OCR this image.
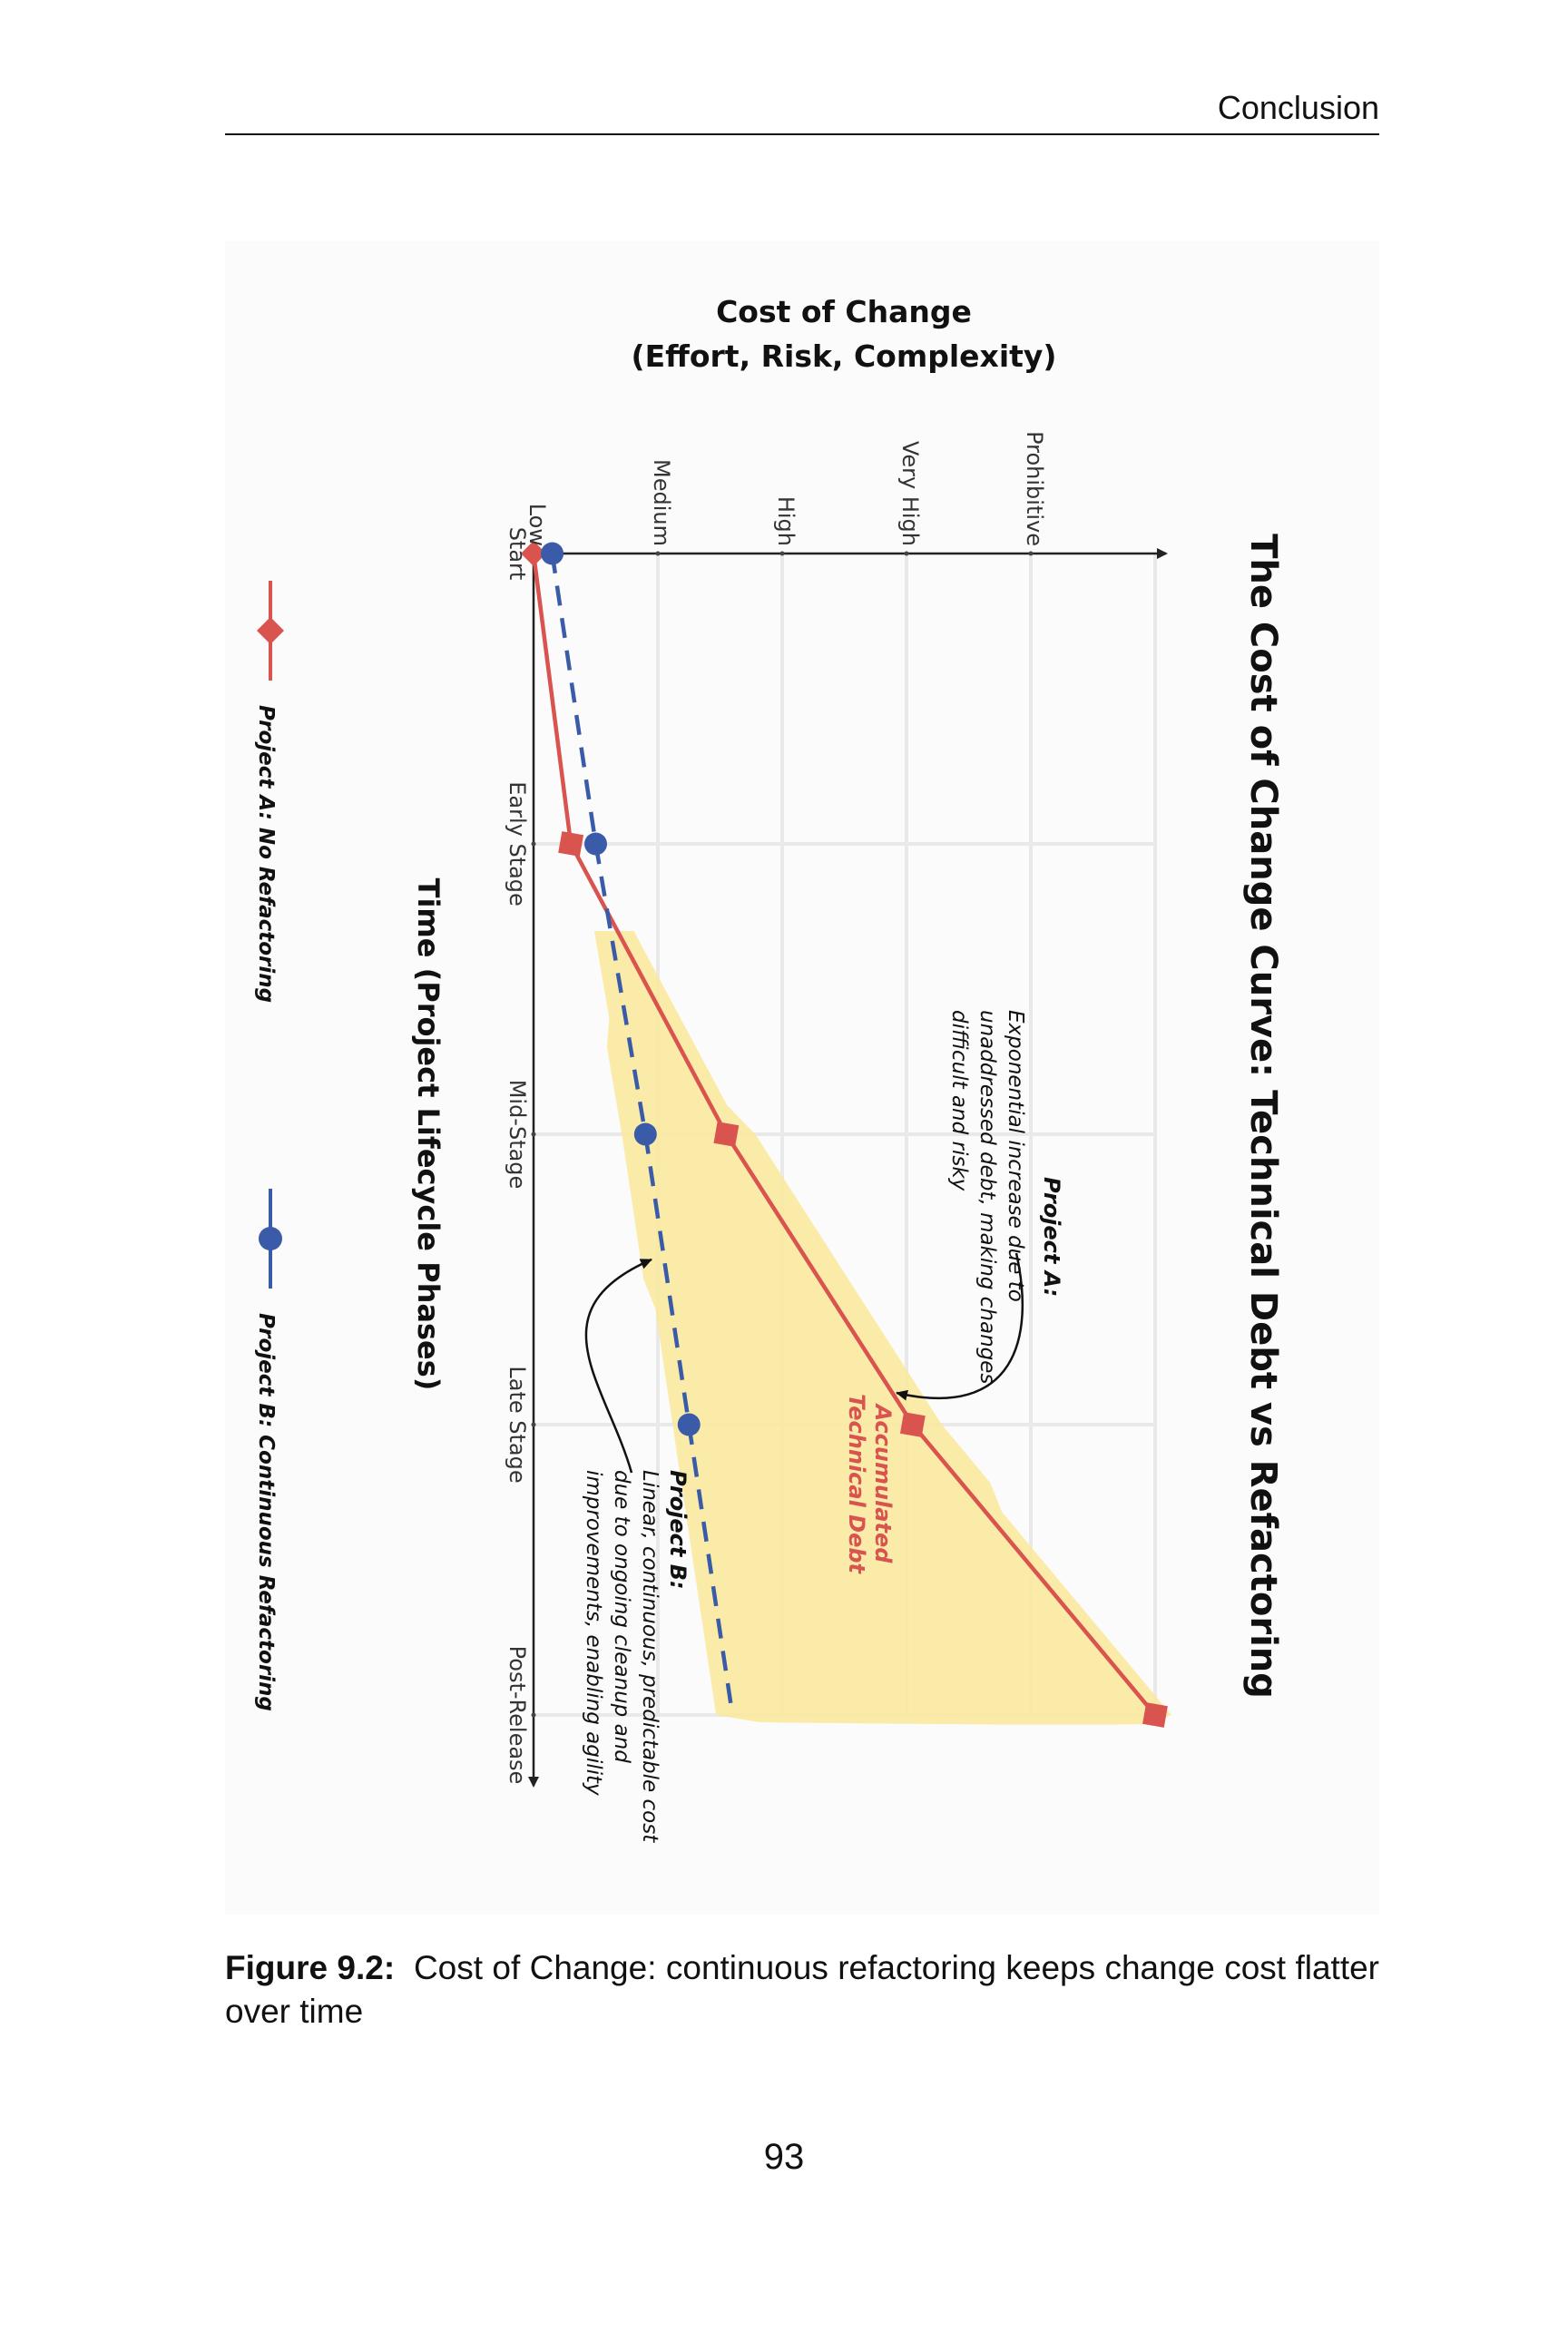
Conclusion
Low	Medium	High	Very High	Prohibitive
Start
Early Stage
Mid-Stage
Late Stage
Post-Release
The Cost of Change Curve: Technical Debt vs Refactoring
Cost of Change
(Effort, Risk, Complexity)
Time (Project Lifecycle Phases)
Accumulated
Technical Debt
Project A:
Exponential increase due to
unaddressed debt, making changes
difficult and risky
Project B:
Linear, continuous, predictable cost
due to ongoing cleanup and
improvements, enabling agility
Project A: No Refactoring
Project B: Continuous Refactoring
Figure 9.2: Cost of Change: continuous refactoring keeps change cost flatter over time
93
